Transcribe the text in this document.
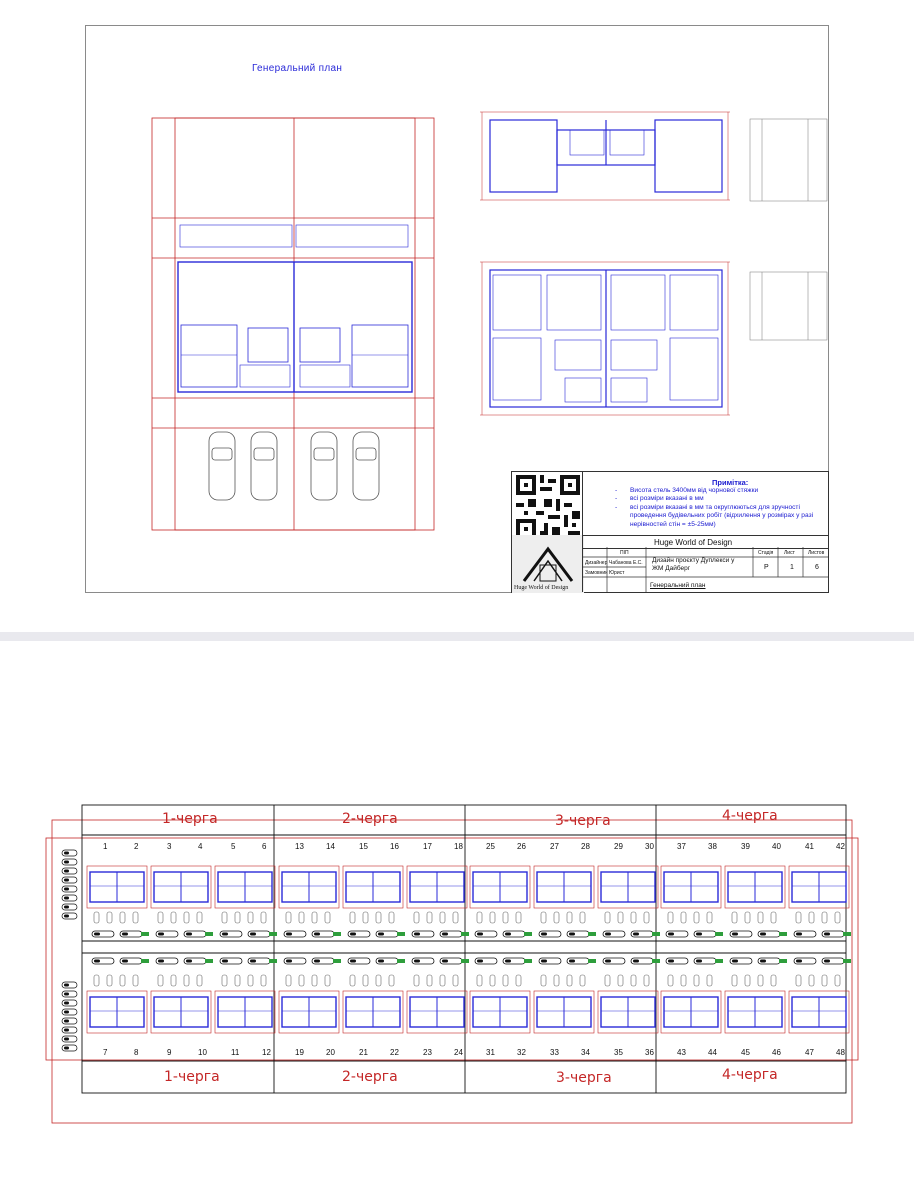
Генеральний план
Huge World of Design
Примітка:
- Висота стель 3400мм від чорнової стяжки
- всі розміри вказані в мм
- всі розміри вказані в мм та округлюються для зручності проведення будівельних робіт (відхилення у розмірах у разі нерівностей стін = ±5-25мм)
Huge World of Design
ПІП
Дизайнер Чабанова Е.С.
Замовник Юрист
Дизайн проєкту Дуплекси у ЖМ Дайберг
Стадія Лист	Листов
Р	1	6
Генеральний план
1-черга	2-черга	3-черга	4-черга
1-черга	2-черга	3-черга	4-черга
1	2	3	4	5	6	13	14	15	16	17	18	25	26	27	28	29	30	37	38	39	40	41	42
7	8	9	10	11	12	19	20	21	22	23	24	31	32	33	34	35	36	43	44	45	46	47	48
